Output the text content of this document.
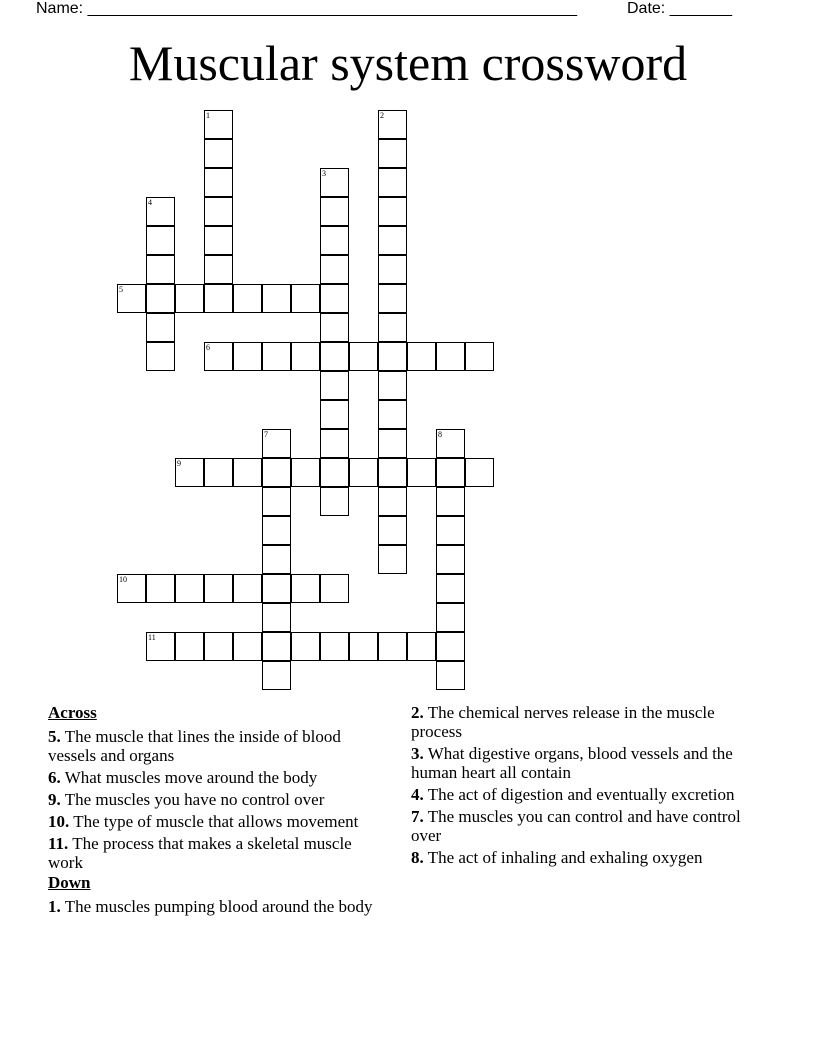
Name: _______________________________________________________	Date: _______
Muscular system crossword
1	2
3
4
5
6
7	8
9
10
11
Across
5. The muscle that lines the inside of blood vessels and organs
6. What muscles move around the body
9. The muscles you have no control over
10. The type of muscle that allows movement
11. The process that makes a skeletal muscle work
Down
1. The muscles pumping blood around the body
2. The chemical nerves release in the muscle process
3. What digestive organs, blood vessels and the human heart all contain
4. The act of digestion and eventually excretion
7. The muscles you can control and have control over
8. The act of inhaling and exhaling oxygen
